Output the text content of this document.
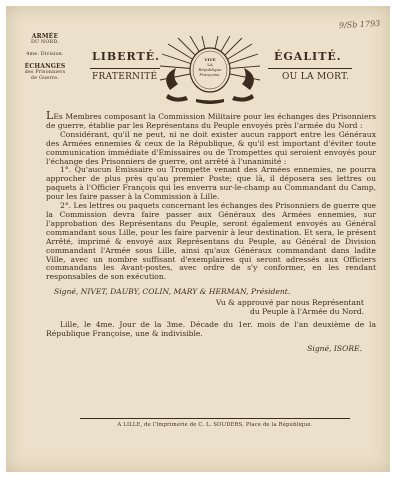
9/Sb 1793
ARMÉE
DU NORD.
4me. Division.
ÉCHANGES
des Prisonniers
de Guerre.
LIBERTÉ.	ÉGALITÉ.
FRATERNITÉ	OU LA MORT.
VIVE
LA
République
Françoise.

LEs Membres composant la Commission Militaire pour les échanges des Prisonniers de guerre, établie par les Représentans du Peuple envoyés près l'armée du Nord :

Considérant, qu'il ne peut, ni ne doit exister aucun rapport entre les Généraux des Armées ennemies & ceux de la République, & qu'il est important d'éviter toute communication immédiate d'Emissaires ou de Trompettes qui seroient envoyés pour l'échange des Prisonniers de guerre, ont arrêté à l'unanimité :

1°. Qu'aucun Emissaire ou Trompette venant des Armées ennemies, ne pourra approcher de plus près qu'au premier Poste; que là, il déposera ses lettres ou paquets à l'Officier François qui les enverra sur-le-champ au Commandant du Camp, pour les faire passer à la Commission à Lille.

2°. Les lettres ou paquets concernant les échanges des Prisonniers de guerre que la Commission devra faire passer aux Généraux des Armées ennemies, sur l'approbation des Représentans du Peuple, seront également envoyés au Général commandant sous Lille, pour les faire parvenir à leur destination. Et sera, le présent Arrêté, imprimé & envoyé aux Représentans du Peuple, au Général de Division commandant l'Armée sous Lille, ainsi qu'aux Généraux commandant dans ladite Ville, avec un nombre suffisant d'exemplaires qui seront adressés aux Officiers commandans les Avant-postes, avec ordre de s'y conformer, en les rendant responsables de son exécution.

Signé, NIVET, DAUBY, COLIN, MARY & HERMAN, Président.

Vu & approuvé par nous Représentant

du Peuple à l'Armée du Nord.

Lille, le 4me. Jour de la 3me. Décade du 1er. mois de l'an deuxième de la République Françoise, une & indivisible.

Signé, ISORE.

A LILLE, de l'Imprimerie de C. L. SOUDERS, Place de la République.
